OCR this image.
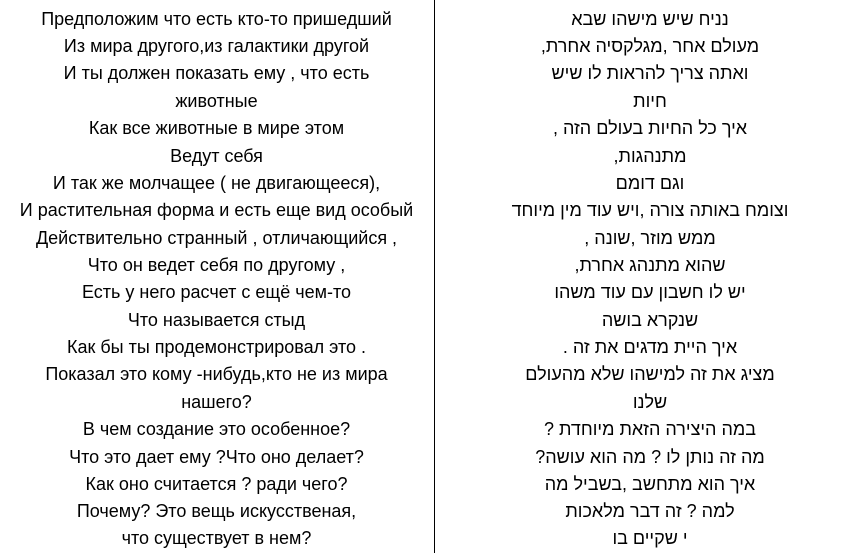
Предположим что есть кто-то пришедший
Из мира другого,из галактики другой
И ты должен показать ему , что есть
животные
Как все животные в мире этом
Ведут себя
И так же молчащее ( не двигающееся),
И растительная форма и есть еще вид особый
Действительно странный , отличающийся ,
Что он ведет себя по другому ,
Есть у него расчет с ещё чем-то
Что называется стыд
Как бы ты продемонстрировал это .
Показал это кому -нибудь,кто не из мира
нашего?
В чем создание это особенное?
Что это дает ему ?Что оно делает?
Как оно считается ? ради чего?
Почему? Это вещь искусственая,
что существует в нем?
נניח שיש מישהו שבא
מעולם אחר ,מגלקסיה אחרת,
ואתה צריך להראות לו שיש
חיות
איך כל החיות בעולם הזה ,
מתנהגות,
וגם דומם
וצומח באותה צורה ,ויש עוד מין מיוחד
ממש מוזר ,שונה ,
שהוא מתנהג אחרת,
יש לו חשבון עם עוד משהו
שנקרא בושה
איך היית מדגים את זה .
מציג את זה למישהו שלא מהעולם
שלנו
במה היצירה הזאת מיוחדת ?
מה זה נותן לו ? מה הוא עושה?
איך הוא מתחשב ,בשביל מה
למה ? זה דבר מלאכות
י שקיים בו
